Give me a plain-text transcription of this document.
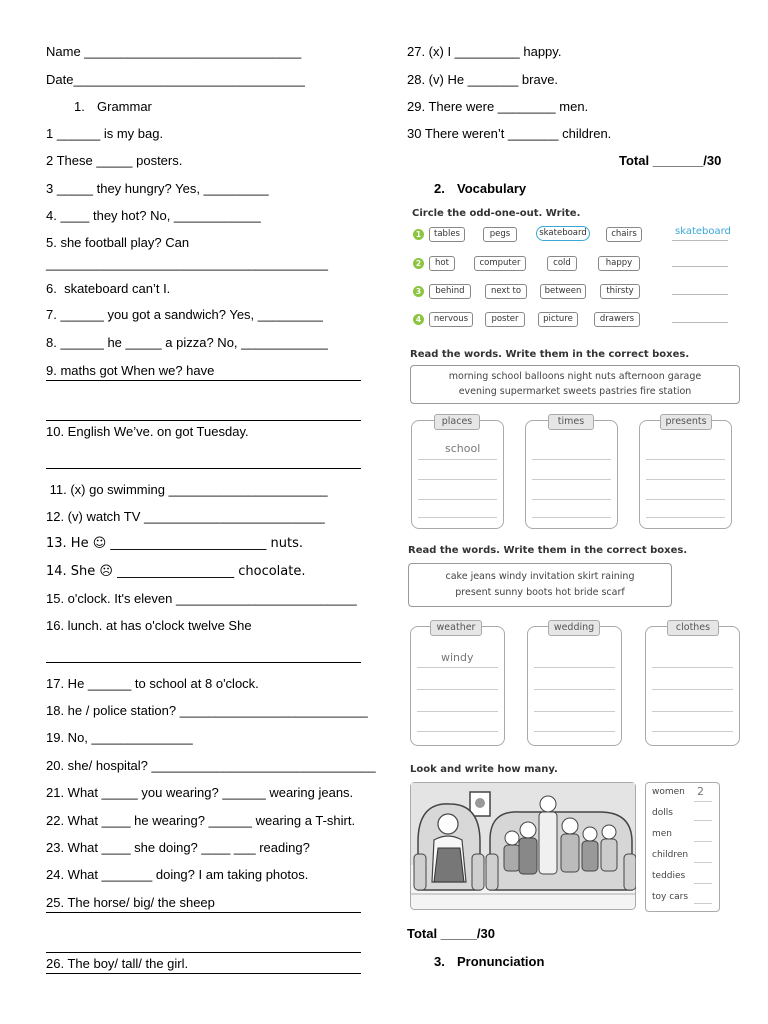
Name ______________________________
Date________________________________
1. Grammar
1 ______ is my bag.
2 These _____ posters.
3 _____ they hungry? Yes, _________
4. ____ they hot? No, ____________
5. she football play? Can
_______________________________________
6.  skateboard can’t I.
7. ______ you got a sandwich? Yes, _________
8. ______ he _____ a pizza? No, ____________
9. maths got When we? have
10. English We’ve. on got Tuesday.
11. (x) go swimming ______________________
12. (v) watch TV _________________________
13. He ☺ ________________________ nuts.
14. She ☹ __________________ chocolate.
15. o'clock. It's eleven _________________________
16. lunch. at has o'clock twelve She
17. He ______ to school at 8 o'clock.
18. he / police station? __________________________
19. No, ______________
20. she/ hospital? _______________________________
21. What _____ you wearing? ______ wearing jeans.
22. What ____ he wearing? ______ wearing a T-shirt.
23. What ____ she doing? ____ ___ reading?
24. What _______ doing? I am taking photos.
25. The horse/ big/ the sheep
26. The boy/ tall/ the girl.
27. (x) I _________ happy.
28. (v) He _______ brave.
29. There were ________ men.
30 There weren’t _______ children.
Total _______/30
2. Vocabulary
Circle the odd-one-out. Write.
1	tables	pegs	skateboard	chairs	skateboard
2	hot	computer	cold	happy
3	behind	next to	between	thirsty
4	nervous	poster	picture	drawers
Read the words. Write them in the correct boxes.
morning school balloons night nuts afternoon garage
evening supermarket sweets pastries fire station
school
places	times	presents
Read the words. Write them in the correct boxes.
cake jeans windy invitation skirt raining
present sunny boots hot bride scarf
windy
weather	wedding	clothes
Look and write how many.
women 2
dolls
men
children
teddies
toy cars
Total _____/30
3. Pronunciation
